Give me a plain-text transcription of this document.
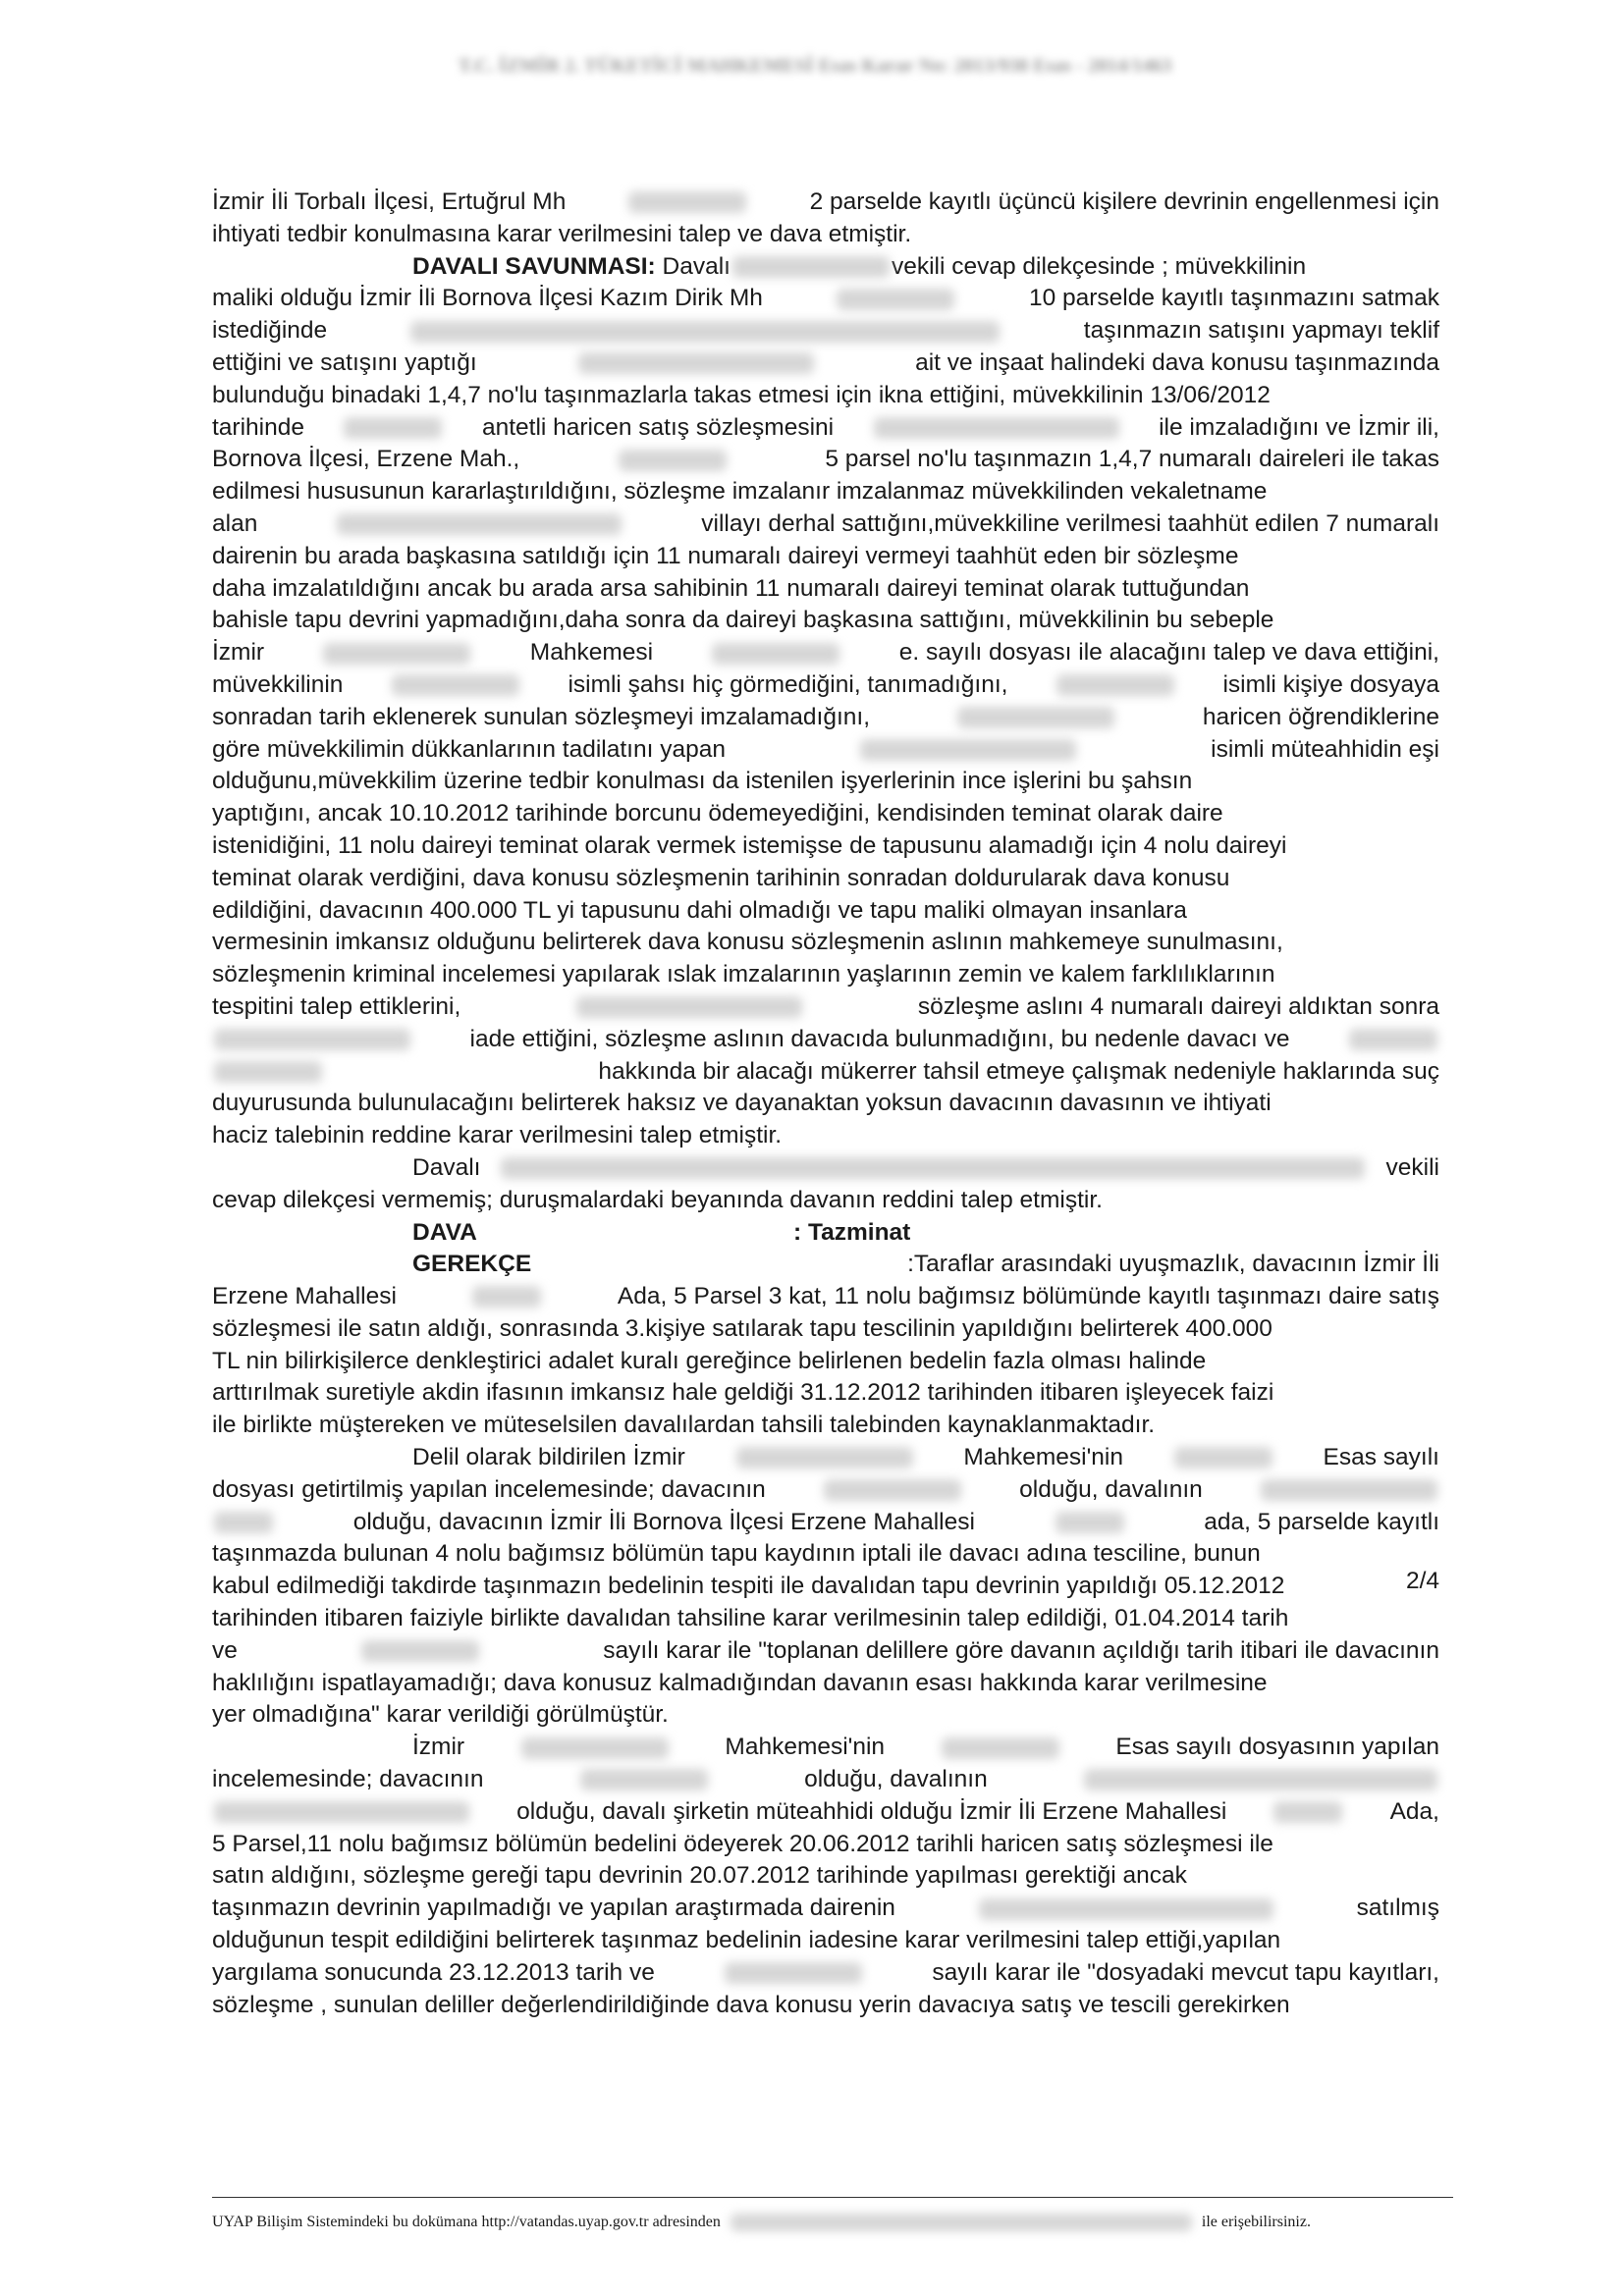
T.C. İZMİR 2. TÜKETİCİ MAHKEMESİ Esas Karar No: 2013/938 Esas - 2014/1463
İzmir İli Torbalı İlçesi, Ertuğrul Mh	2 parselde kayıtlı üçüncü kişilere devrinin engellenmesi için
ihtiyati tedbir konulmasına karar verilmesini talep ve dava etmiştir.
DAVALI SAVUNMASI:
Davalı	vekili cevap dilekçesinde ; müvekkilinin
maliki olduğu İzmir İli Bornova İlçesi Kazım Dirik Mh	10 parselde kayıtlı taşınmazını satmak
istediğinde	taşınmazın satışını yapmayı teklif
ettiğini ve satışını yaptığı	ait ve inşaat halindeki dava konusu taşınmazında
bulunduğu binadaki 1,4,7 no'lu taşınmazlarla takas etmesi için ikna ettiğini, müvekkilinin 13/06/2012
tarihinde	antetli haricen satış sözleşmesini	ile imzaladığını ve İzmir ili,
Bornova İlçesi, Erzene Mah.,	5 parsel no'lu taşınmazın 1,4,7 numaralı daireleri ile takas
edilmesi hususunun kararlaştırıldığını, sözleşme imzalanır imzalanmaz müvekkilinden vekaletname
alan	villayı derhal sattığını,müvekkiline verilmesi taahhüt edilen 7 numaralı
dairenin bu arada başkasına satıldığı için 11 numaralı daireyi vermeyi taahhüt eden bir sözleşme
daha imzalatıldığını ancak bu arada arsa sahibinin 11 numaralı daireyi teminat olarak tuttuğundan
bahisle tapu devrini yapmadığını,daha sonra da daireyi başkasına sattığını, müvekkilinin bu sebeple
İzmir	Mahkemesi	e. sayılı dosyası ile alacağını talep ve dava ettiğini,
müvekkilinin	isimli şahsı hiç görmediğini, tanımadığını,	isimli kişiye dosyaya
sonradan tarih eklenerek sunulan sözleşmeyi imzalamadığını,	haricen öğrendiklerine
göre müvekkilimin dükkanlarının tadilatını yapan	isimli müteahhidin eşi
olduğunu,müvekkilim üzerine tedbir konulması da istenilen işyerlerinin ince işlerini bu şahsın
yaptığını, ancak 10.10.2012 tarihinde borcunu ödemeyediğini, kendisinden teminat olarak daire
istenidiğini, 11 nolu daireyi teminat olarak vermek istemişse de tapusunu alamadığı için 4 nolu daireyi
teminat olarak verdiğini, dava konusu sözleşmenin tarihinin sonradan doldurularak dava konusu
edildiğini, davacının 400.000 TL yi tapusunu dahi olmadığı ve tapu maliki olmayan insanlara
vermesinin imkansız olduğunu belirterek dava konusu sözleşmenin aslının mahkemeye sunulmasını,
sözleşmenin kriminal incelemesi yapılarak ıslak imzalarının yaşlarının zemin ve kalem farklılıklarının
tespitini talep ettiklerini,	sözleşme aslını 4 numaralı daireyi aldıktan sonra
iade ettiğini, sözleşme aslının davacıda bulunmadığını, bu nedenle davacı ve
hakkında bir alacağı mükerrer tahsil etmeye çalışmak nedeniyle haklarında suç
duyurusunda bulunulacağını belirterek haksız ve dayanaktan yoksun davacının davasının ve ihtiyati
haciz talebinin reddine karar verilmesini talep etmiştir.
Davalı	vekili
cevap dilekçesi vermemiş; duruşmalardaki beyanında davanın reddini talep etmiştir.
DAVA	: Tazminat
GEREKÇE	:Taraflar arasındaki uyuşmazlık, davacının İzmir İli
Erzene Mahallesi	Ada, 5 Parsel 3 kat, 11 nolu bağımsız bölümünde kayıtlı taşınmazı daire satış
sözleşmesi ile satın aldığı, sonrasında 3.kişiye satılarak tapu tescilinin yapıldığını belirterek 400.000
TL nin bilirkişilerce denkleştirici adalet kuralı gereğince belirlenen bedelin fazla olması halinde
arttırılmak suretiyle akdin ifasının imkansız hale geldiği 31.12.2012 tarihinden itibaren işleyecek faizi
ile birlikte müştereken ve müteselsilen davalılardan tahsili talebinden kaynaklanmaktadır.
Delil olarak bildirilen İzmir	Mahkemesi'nin	Esas sayılı
dosyası getirtilmiş yapılan incelemesinde; davacının	olduğu, davalının
olduğu, davacının İzmir İli Bornova İlçesi Erzene Mahallesi	ada, 5 parselde kayıtlı
taşınmazda bulunan 4 nolu bağımsız bölümün tapu kaydının iptali ile davacı adına tesciline, bunun
kabul edilmediği takdirde taşınmazın bedelinin tespiti ile davalıdan tapu devrinin yapıldığı 05.12.2012
tarihinden itibaren faiziyle birlikte davalıdan tahsiline karar verilmesinin talep edildiği, 01.04.2014 tarih
ve	sayılı karar ile "toplanan delillere göre davanın açıldığı tarih itibari ile davacının
haklılığını ispatlayamadığı; dava konusuz kalmadığından davanın esası hakkında karar verilmesine
yer olmadığına" karar verildiği görülmüştür.
İzmir	Mahkemesi'nin	Esas sayılı dosyasının yapılan
incelemesinde; davacının	olduğu, davalının
olduğu, davalı şirketin müteahhidi olduğu İzmir İli Erzene Mahallesi	Ada,
5 Parsel,11 nolu bağımsız bölümün bedelini ödeyerek 20.06.2012 tarihli haricen satış sözleşmesi ile
satın aldığını, sözleşme gereği tapu devrinin 20.07.2012 tarihinde yapılması gerektiği ancak
taşınmazın devrinin yapılmadığı ve yapılan araştırmada dairenin	satılmış
olduğunun tespit edildiğini belirterek taşınmaz bedelinin iadesine karar verilmesini talep ettiği,yapılan
yargılama sonucunda 23.12.2013 tarih ve	sayılı karar ile "dosyadaki mevcut tapu kayıtları,
sözleşme , sunulan deliller değerlendirildiğinde dava konusu yerin davacıya satış ve tescili gerekirken
2/4
UYAP Bilişim Sistemindeki bu dokümana http://vatandas.uyap.gov.tr adresinden	ile erişebilirsiniz.
